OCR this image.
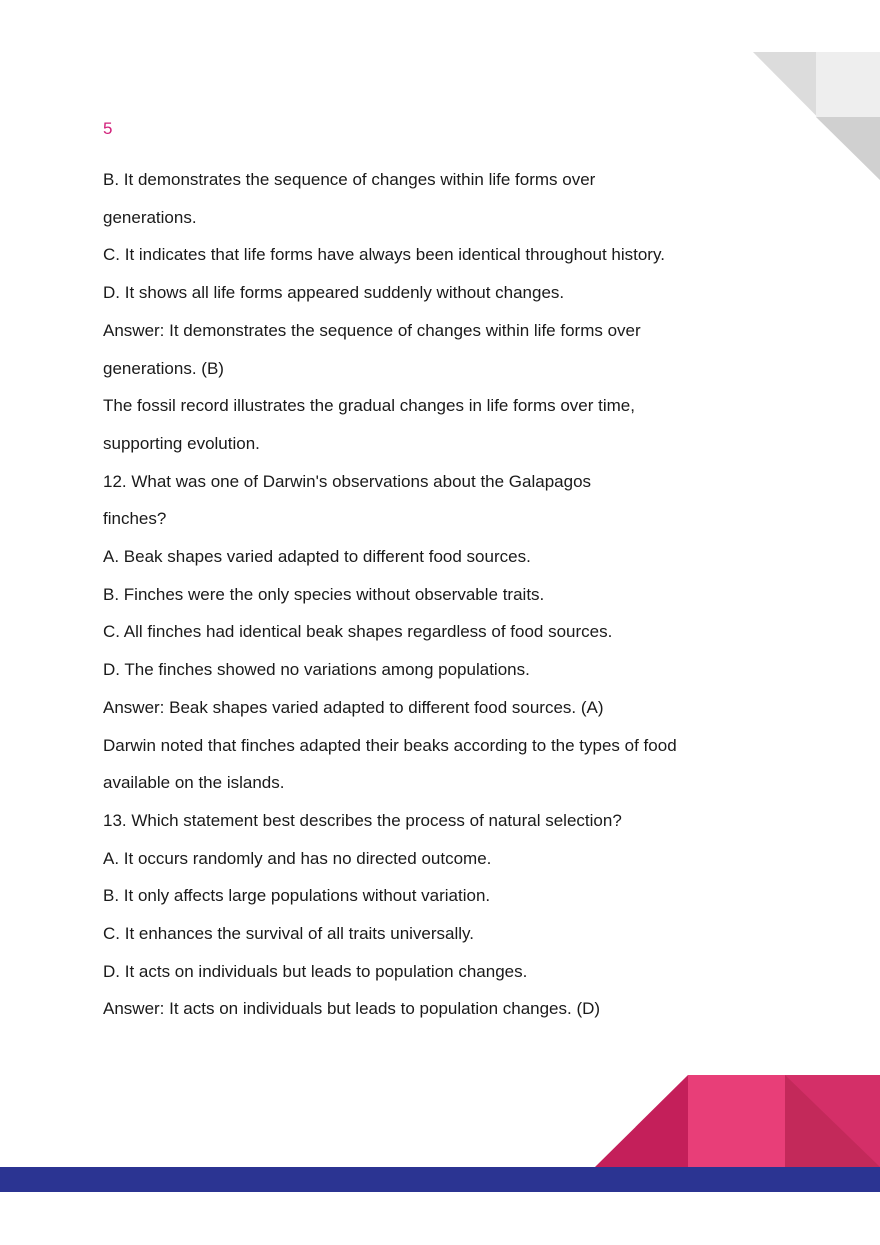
5
B. It demonstrates the sequence of changes within life forms over
generations.
C. It indicates that life forms have always been identical throughout history.
D. It shows all life forms appeared suddenly without changes.
Answer: It demonstrates the sequence of changes within life forms over
generations. (B)
The fossil record illustrates the gradual changes in life forms over time,
supporting evolution.
12. What was one of Darwin's observations about the Galapagos
finches?
A. Beak shapes varied adapted to different food sources.
B. Finches were the only species without observable traits.
C. All finches had identical beak shapes regardless of food sources.
D. The finches showed no variations among populations.
Answer: Beak shapes varied adapted to different food sources. (A)
Darwin noted that finches adapted their beaks according to the types of food
available on the islands.
13. Which statement best describes the process of natural selection?
A. It occurs randomly and has no directed outcome.
B. It only affects large populations without variation.
C. It enhances the survival of all traits universally.
D. It acts on individuals but leads to population changes.
Answer: It acts on individuals but leads to population changes. (D)
